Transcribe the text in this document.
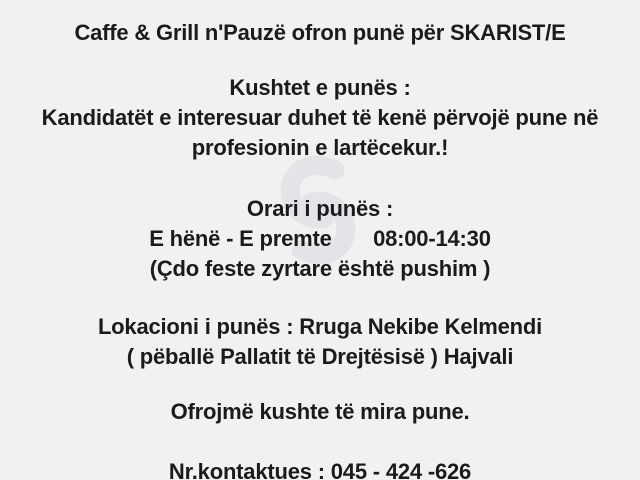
Caffe & Grill n'Pauzë ofron punë për SKARIST/E
Kushtet e punës :
Kandidatët e interesuar duhet të kenë përvojë pune në
profesionin e lartëcekur.!
Orari i punës :
E hënë - E premte       08:00-14:30
(Çdo feste zyrtare është pushim )
Lokacioni i punës : Rruga Nekibe Kelmendi
( pëballë Pallatit të Drejtësisë ) Hajvali
Ofrojmë kushte të mira pune.
Nr.kontaktues : 045 - 424 -626
